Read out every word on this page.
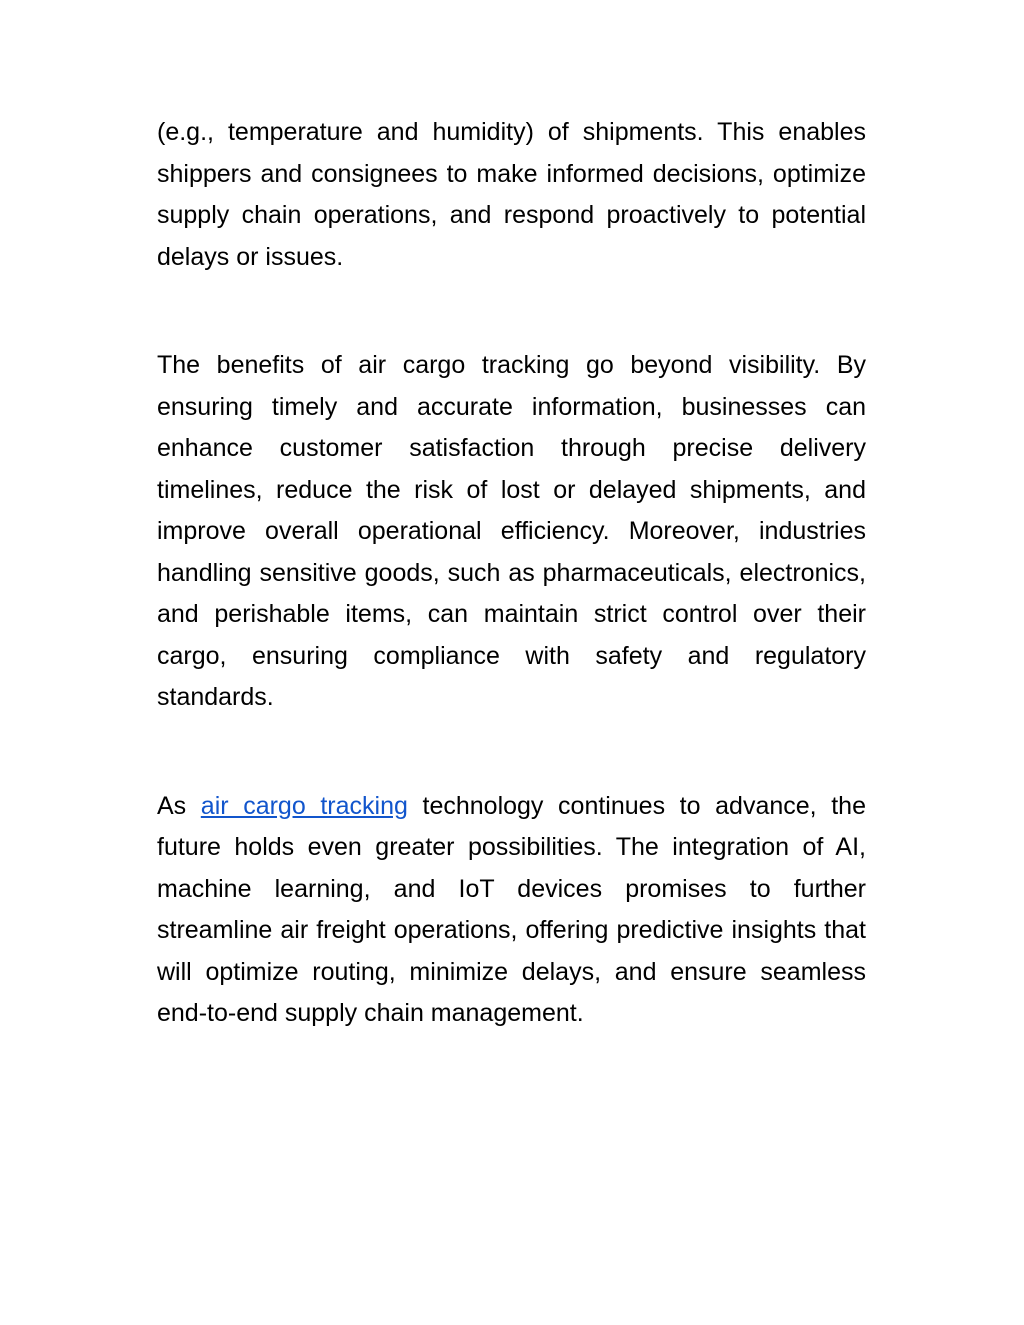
(e.g., temperature and humidity) of shipments. This enables shippers and consignees to make informed decisions, optimize supply chain operations, and respond proactively to potential delays or issues.

The benefits of air cargo tracking go beyond visibility. By ensuring timely and accurate information, businesses can enhance customer satisfaction through precise delivery timelines, reduce the risk of lost or delayed shipments, and improve overall operational efficiency. Moreover, industries handling sensitive goods, such as pharmaceuticals, electronics, and perishable items, can maintain strict control over their cargo, ensuring compliance with safety and regulatory standards.

As air cargo tracking technology continues to advance, the future holds even greater possibilities. The integration of AI, machine learning, and IoT devices promises to further streamline air freight operations, offering predictive insights that will optimize routing, minimize delays, and ensure seamless end-to-end supply chain management.
